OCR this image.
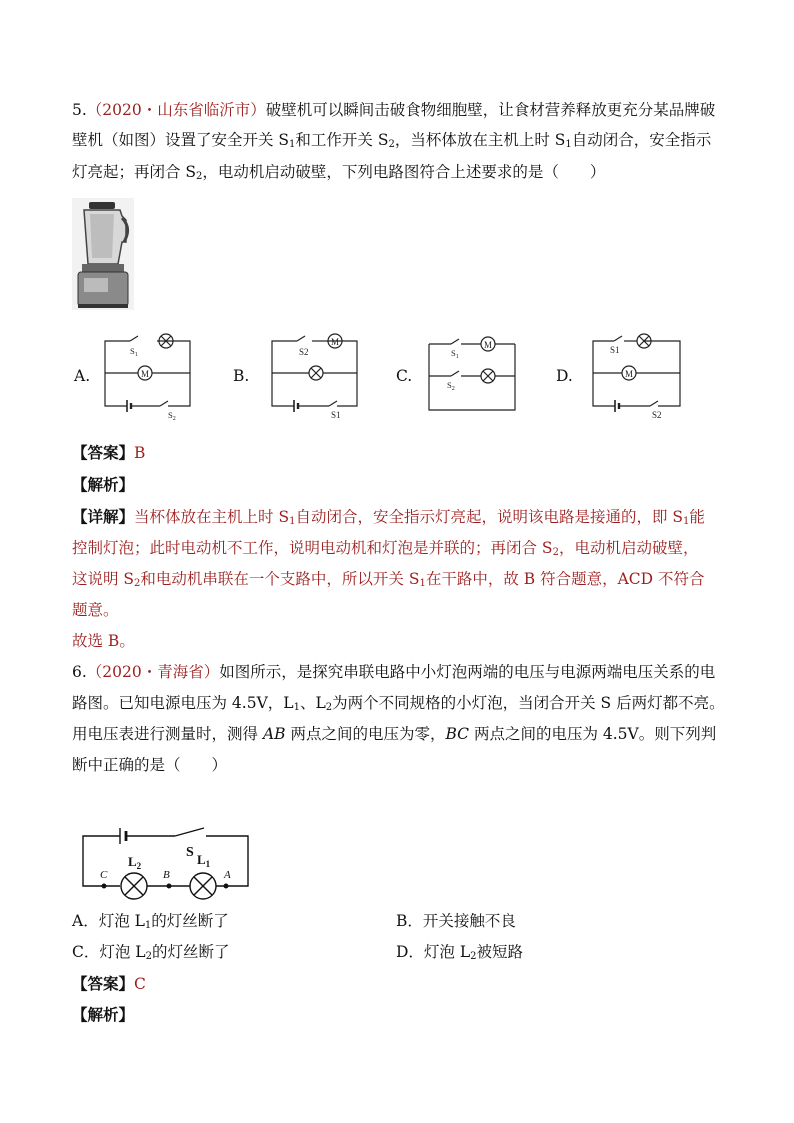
5.（2020・山东省临沂市）破壁机可以瞬间击破食物细胞壁，让食材营养释放更充分某品牌破
壁机（如图）设置了安全开关 $S_1$和工作开关 $S_2$，当杯体放在主机上时 $S_1$自动闭合，安全指示
灯亮起；再闭合 $S_2$，电动机启动破壁，下列电路图符合上述要求的是（　　）
A.	B.	C.	D.
M
$S_1$
$S_2$
M
S2
S1
M
$S_1$
$S_2$
M
S1
S2
【答案】B
【解析】
【详解】当杯体放在主机上时 $S_1$自动闭合，安全指示灯亮起，说明该电路是接通的，即 $S_1$能
控制灯泡；此时电动机不工作，说明电动机和灯泡是并联的；再闭合 $S_2$，电动机启动破壁，
这说明 $S_2$和电动机串联在一个支路中，所以开关 $S_1$在干路中，故 B 符合题意，ACD 不符合
题意。
故选 B。
6.（2020・青海省）如图所示，是探究串联电路中小灯泡两端的电压与电源两端电压关系的电
路图。已知电源电压为 4.5V，$L_1$、$L_2$为两个不同规格的小灯泡，当闭合开关 S 后两灯都不亮。
用电压表进行测量时，测得 AB 两点之间的电压为零，BC 两点之间的电压为 4.5V。则下列判
断中正确的是（　　）
S
$L_2$	$L_1$
C	B	A
A．灯泡 $L_1$的灯丝断了	B．开关接触不良
C．灯泡 $L_2$的灯丝断了	D．灯泡 $L_2$被短路
【答案】C
【解析】
